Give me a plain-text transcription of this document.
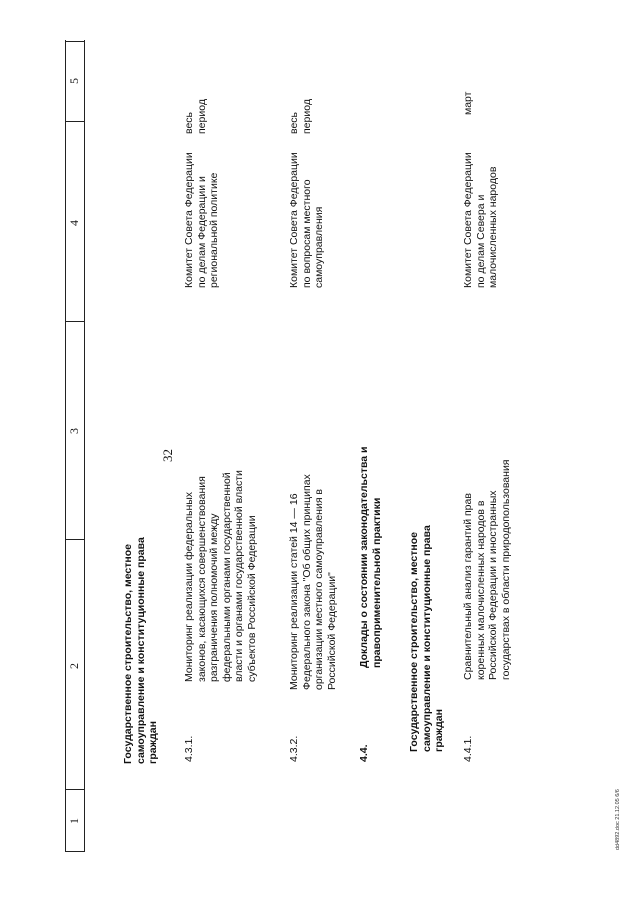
32
1
2
3
4
5
Государственное строительство, местное
самоуправление и конституционные права
граждан 4.3.1.
Мониторинг реализации федеральных
законов, касающихся совершенствования
разграничения полномочий между
федеральными органами государственной
власти и органами государственной власти
субъектов Российской Федерации
Комитет Совета Федерации
по делам Федерации и
региональной политике
весь
период
4.3.2.
Мониторинг реализации статей 14 — 16
Федерального закона "Об общих принципах
организации местного самоуправления в
Российской Федерации"
Комитет Совета Федерации
по вопросам местного
самоуправления
весь
период
4.4.
Доклады о состоянии законодательства и
правоприменительной практики
Государственное строительство, местное
самоуправление и конституционные права
граждан 4.4.1.
Сравнительный анализ гарантий прав
коренных малочисленных народов в
Российской Федерации и иностранных
государствах в области природопользования
Комитет Совета Федерации
по делам Севера и
малочисленных народов
март
dd4892.doc 21.12.05 6/6
